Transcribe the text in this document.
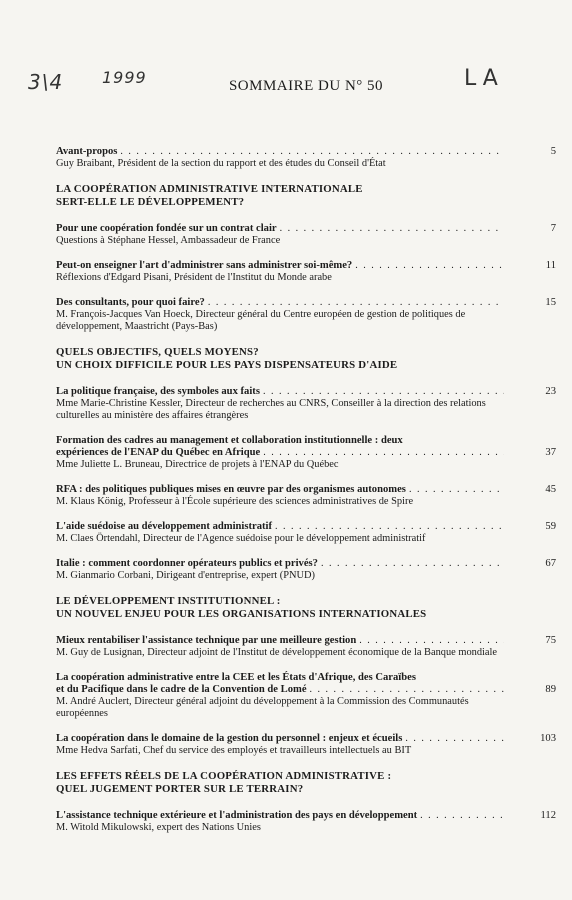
3\4 1999	LA
SOMMAIRE DU N° 50
Avant-propos
. . .
Guy Braibant, Président de la section du rapport et des études du Conseil d'État
5
LA COOPÉRATION ADMINISTRATIVE INTERNATIONALE
SERT-ELLE LE DÉVELOPPEMENT?
Pour une coopération fondée sur un contrat clair
. . .
Questions à Stéphane Hessel, Ambassadeur de France
7
Peut-on enseigner l'art d'administrer sans administrer soi-même?
. . .
Réflexions d'Edgard Pisani, Président de l'Institut du Monde arabe
11
Des consultants, pour quoi faire?
. . .
M. François-Jacques Van Hoeck, Directeur général du Centre européen de gestion de politiques de développement, Maastricht (Pays-Bas)
15
QUELS OBJECTIFS, QUELS MOYENS?
UN CHOIX DIFFICILE POUR LES PAYS DISPENSATEURS D'AIDE
La politique française, des symboles aux faits
. . .
Mme Marie-Christine Kessler, Directeur de recherches au CNRS, Conseiller à la direction des relations culturelles au ministère des affaires étrangères
23
Formation des cadres au management et collaboration institutionnelle : deux
expériences de l'ENAP du Québec en Afrique
. . .
Mme Juliette L. Bruneau, Directrice de projets à l'ENAP du Québec
37
RFA : des politiques publiques mises en œuvre par des organismes autonomes
. . .
M. Klaus König, Professeur à l'École supérieure des sciences administratives de Spire
45
L'aide suédoise au développement administratif
. . .
M. Claes Örtendahl, Directeur de l'Agence suédoise pour le développement administratif
59
Italie : comment coordonner opérateurs publics et privés?
. . .
M. Gianmario Corbani, Dirigeant d'entreprise, expert (PNUD)
67
LE DÉVELOPPEMENT INSTITUTIONNEL :
UN NOUVEL ENJEU POUR LES ORGANISATIONS INTERNATIONALES
Mieux rentabiliser l'assistance technique par une meilleure gestion
. . .
M. Guy de Lusignan, Directeur adjoint de l'Institut de développement économique de la Banque mondiale
75
La coopération administrative entre la CEE et les États d'Afrique, des Caraïbes
et du Pacifique dans le cadre de la Convention de Lomé
. . .
M. André Auclert, Directeur général adjoint du développement à la Commission des Communautés européennes
89
La coopération dans le domaine de la gestion du personnel : enjeux et écueils
. . .
Mme Hedva Sarfati, Chef du service des employés et travailleurs intellectuels au BIT
103
LES EFFETS RÉELS DE LA COOPÉRATION ADMINISTRATIVE :
QUEL JUGEMENT PORTER SUR LE TERRAIN?
L'assistance technique extérieure et l'administration des pays en développement
. . .
M. Witold Mikulowski, expert des Nations Unies
112
